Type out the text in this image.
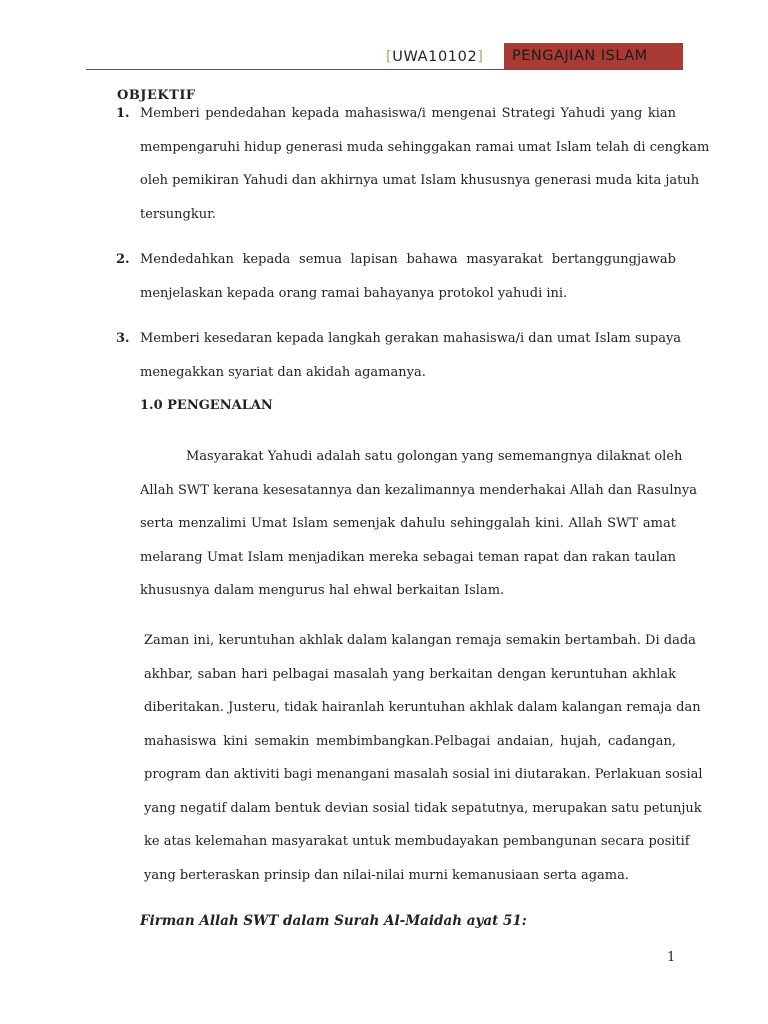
[UWA10102]	PENGAJIAN ISLAM
OBJEKTIF
1. Memberi pendedahan kepada mahasiswa/i mengenai Strategi Yahudi yang kian
mempengaruhi hidup generasi muda sehinggakan ramai umat Islam telah di cengkam
oleh pemikiran Yahudi dan akhirnya umat Islam khususnya generasi muda kita jatuh
tersungkur.
2. Mendedahkan kepada semua lapisan bahawa masyarakat bertanggungjawab
menjelaskan kepada orang ramai bahayanya protokol yahudi ini.
3. Memberi kesedaran kepada langkah gerakan mahasiswa/i dan umat Islam supaya
menegakkan syariat dan akidah agamanya.
1.0 PENGENALAN
Masyarakat Yahudi adalah satu golongan yang sememangnya dilaknat oleh
Allah SWT kerana kesesatannya dan kezalimannya menderhakai Allah dan Rasulnya
serta menzalimi Umat Islam semenjak dahulu sehinggalah kini. Allah SWT amat
melarang Umat Islam menjadikan mereka sebagai teman rapat dan rakan taulan
khususnya dalam mengurus hal ehwal berkaitan Islam.
Zaman ini, keruntuhan akhlak dalam kalangan remaja semakin bertambah. Di dada
akhbar, saban hari pelbagai masalah yang berkaitan dengan keruntuhan akhlak
diberitakan. Justeru, tidak hairanlah keruntuhan akhlak dalam kalangan remaja dan
mahasiswa kini semakin membimbangkan.Pelbagai andaian, hujah, cadangan,
program dan aktiviti bagi menangani masalah sosial ini diutarakan. Perlakuan sosial
yang negatif dalam bentuk devian sosial tidak sepatutnya, merupakan satu petunjuk
ke atas kelemahan masyarakat untuk membudayakan pembangunan secara positif
yang berteraskan prinsip dan nilai-nilai murni kemanusiaan serta agama.
Firman Allah SWT dalam Surah Al-Maidah ayat 51:
1
